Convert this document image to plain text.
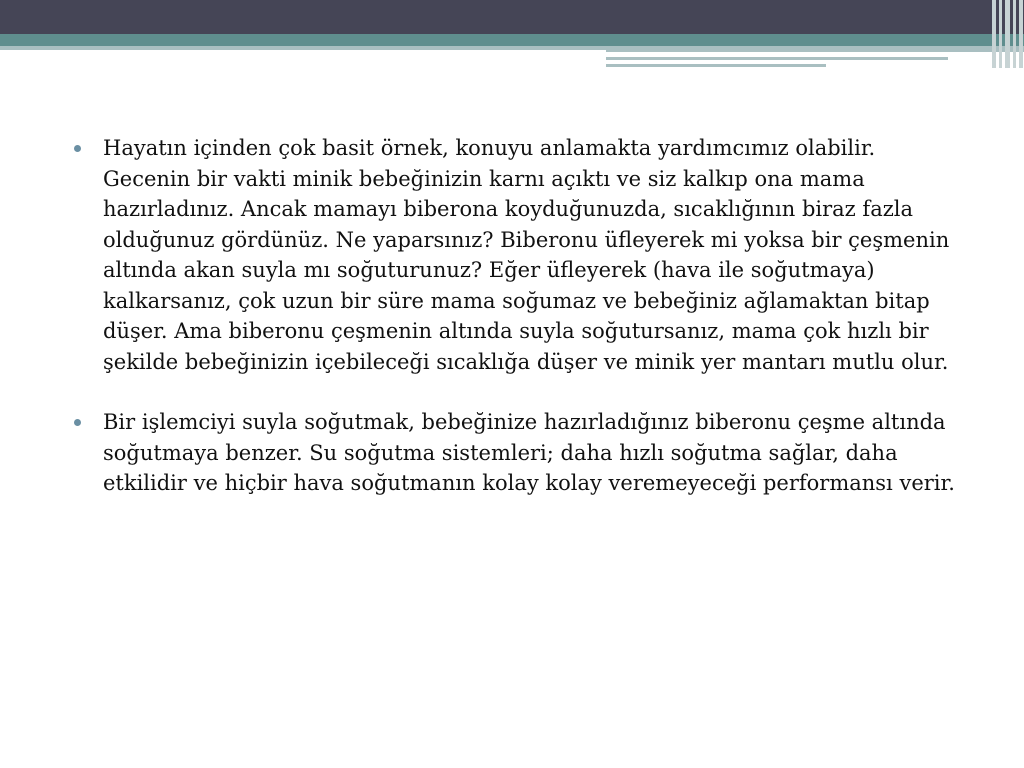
Hayatın içinden çok basit örnek, konuyu anlamakta yardımcımız olabilir. Gecenin bir vakti minik bebeğinizin karnı açıktı ve siz kalkıp ona mama hazırladınız. Ancak mamayı biberona koyduğunuzda, sıcaklığının biraz fazla olduğunuz gördünüz. Ne yaparsınız? Biberonu üfleyerek mi yoksa bir çeşmenin altında akan suyla mı soğuturunuz? Eğer üfleyerek (hava ile soğutmaya) kalkarsanız, çok uzun bir süre mama soğumaz ve bebeğiniz ağlamaktan bitap düşer. Ama biberonu çeşmenin altında suyla soğutursanız, mama çok hızlı bir şekilde bebeğinizin içebileceği sıcaklığa düşer ve minik yer mantarı mutlu olur.
Bir işlemciyi suyla soğutmak, bebeğinize hazırladığınız biberonu çeşme altında soğutmaya benzer. Su soğutma sistemleri; daha hızlı soğutma sağlar, daha etkilidir ve hiçbir hava soğutmanın kolay kolay veremeyeceği performansı verir.
